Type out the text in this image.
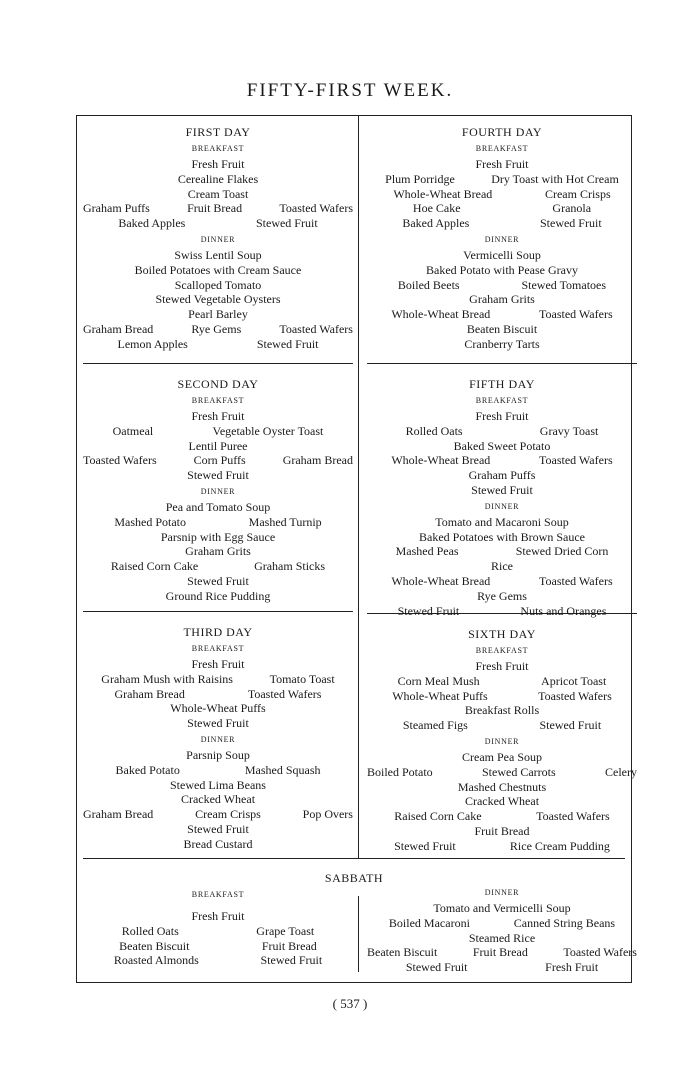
FIFTY-FIRST WEEK.
FIRST DAY
BREAKFAST
Fresh Fruit
Cerealine Flakes
Cream Toast
Graham Puffs	Fruit Bread	Toasted Wafers
Baked Apples	Stewed Fruit
DINNER
Swiss Lentil Soup
Boiled Potatoes with Cream Sauce
Scalloped Tomato
Stewed Vegetable Oysters
Pearl Barley
Graham Bread	Rye Gems	Toasted Wafers
Lemon Apples	Stewed Fruit
SECOND DAY
BREAKFAST
Fresh Fruit
Oatmeal	Vegetable Oyster Toast
Lentil Puree
Toasted Wafers	Corn Puffs	Graham Bread
Stewed Fruit
DINNER
Pea and Tomato Soup
Mashed Potato	Mashed Turnip
Parsnip with Egg Sauce
Graham Grits
Raised Corn Cake	Graham Sticks
Stewed Fruit
Ground Rice Pudding
THIRD DAY
BREAKFAST
Fresh Fruit
Graham Mush with Raisins	Tomato Toast
Graham Bread	Toasted Wafers
Whole-Wheat Puffs
Stewed Fruit
DINNER
Parsnip Soup
Baked Potato	Mashed Squash
Stewed Lima Beans
Cracked Wheat
Graham Bread	Cream Crisps	Pop Overs
Stewed Fruit
Bread Custard
FOURTH DAY
BREAKFAST
Fresh Fruit
Plum Porridge	Dry Toast with Hot Cream
Whole-Wheat Bread	Cream Crisps
Hoe Cake	Granola
Baked Apples	Stewed Fruit
DINNER
Vermicelli Soup
Baked Potato with Pease Gravy
Boiled Beets	Stewed Tomatoes
Graham Grits
Whole-Wheat Bread	Toasted Wafers
Beaten Biscuit
Cranberry Tarts
FIFTH DAY
BREAKFAST
Fresh Fruit
Rolled Oats	Gravy Toast
Baked Sweet Potato
Whole-Wheat Bread	Toasted Wafers
Graham Puffs
Stewed Fruit
DINNER
Tomato and Macaroni Soup
Baked Potatoes with Brown Sauce
Mashed Peas	Stewed Dried Corn
Rice
Whole-Wheat Bread	Toasted Wafers
Rye Gems
Stewed Fruit	Nuts and Oranges
SIXTH DAY
BREAKFAST
Fresh Fruit
Corn Meal Mush	Apricot Toast
Whole-Wheat Puffs	Toasted Wafers
Breakfast Rolls
Steamed Figs	Stewed Fruit
DINNER
Cream Pea Soup
Boiled Potato	Stewed Carrots	Celery
Mashed Chestnuts
Cracked Wheat
Raised Corn Cake	Toasted Wafers
Fruit Bread
Stewed Fruit	Rice Cream Pudding
SABBATH
BREAKFAST
Fresh Fruit
Rolled Oats	Grape Toast
Beaten Biscuit	Fruit Bread
Roasted Almonds	Stewed Fruit
DINNER
Tomato and Vermicelli Soup
Boiled Macaroni	Canned String Beans
Steamed Rice
Beaten Biscuit	Fruit Bread	Toasted Wafers
Stewed Fruit	Fresh Fruit
( 537 )
